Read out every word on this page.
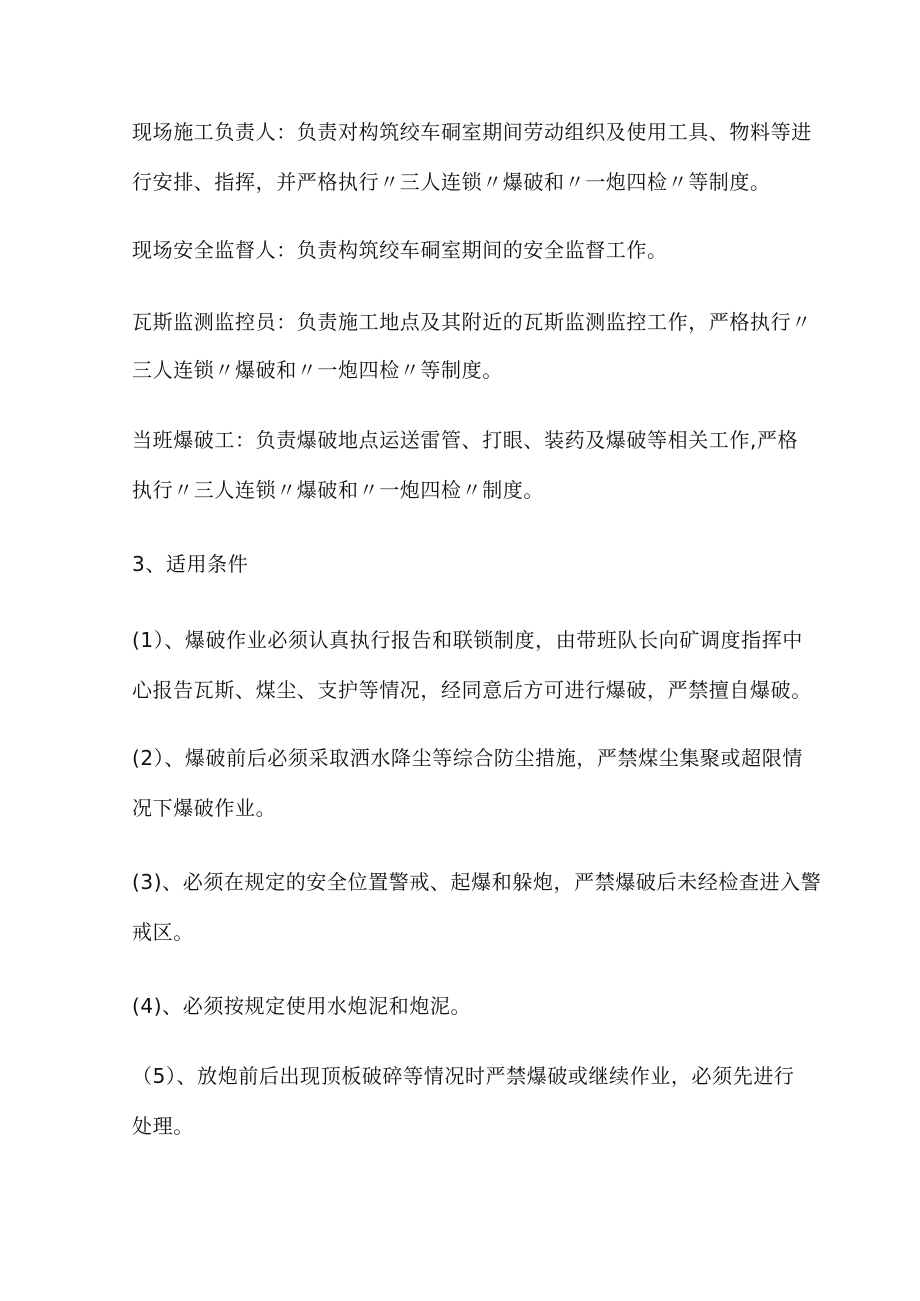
现场施工负责人：负责对构筑绞车硐室期间劳动组织及使用工具、物料等进
行安排、指挥，并严格执行〃三人连锁〃爆破和〃一炮四检〃等制度。
现场安全监督人：负责构筑绞车硐室期间的安全监督工作。
瓦斯监测监控员：负责施工地点及其附近的瓦斯监测监控工作，严格执行〃
三人连锁〃爆破和〃一炮四检〃等制度。
当班爆破工：负责爆破地点运送雷管、打眼、装药及爆破等相关工作,严格
执行〃三人连锁〃爆破和〃一炮四检〃制度。
3、适用条件
(1）、爆破作业必须认真执行报告和联锁制度，由带班队长向矿调度指挥中
心报告瓦斯、煤尘、支护等情况，经同意后方可进行爆破，严禁擅自爆破。
(2）、爆破前后必须采取洒水降尘等综合防尘措施，严禁煤尘集聚或超限情
况下爆破作业。
(3)、必须在规定的安全位置警戒、起爆和躲炮，严禁爆破后未经检查进入警
戒区。
(4)、必须按规定使用水炮泥和炮泥。
（5）、放炮前后出现顶板破碎等情况时严禁爆破或继续作业，必须先进行
处理。
